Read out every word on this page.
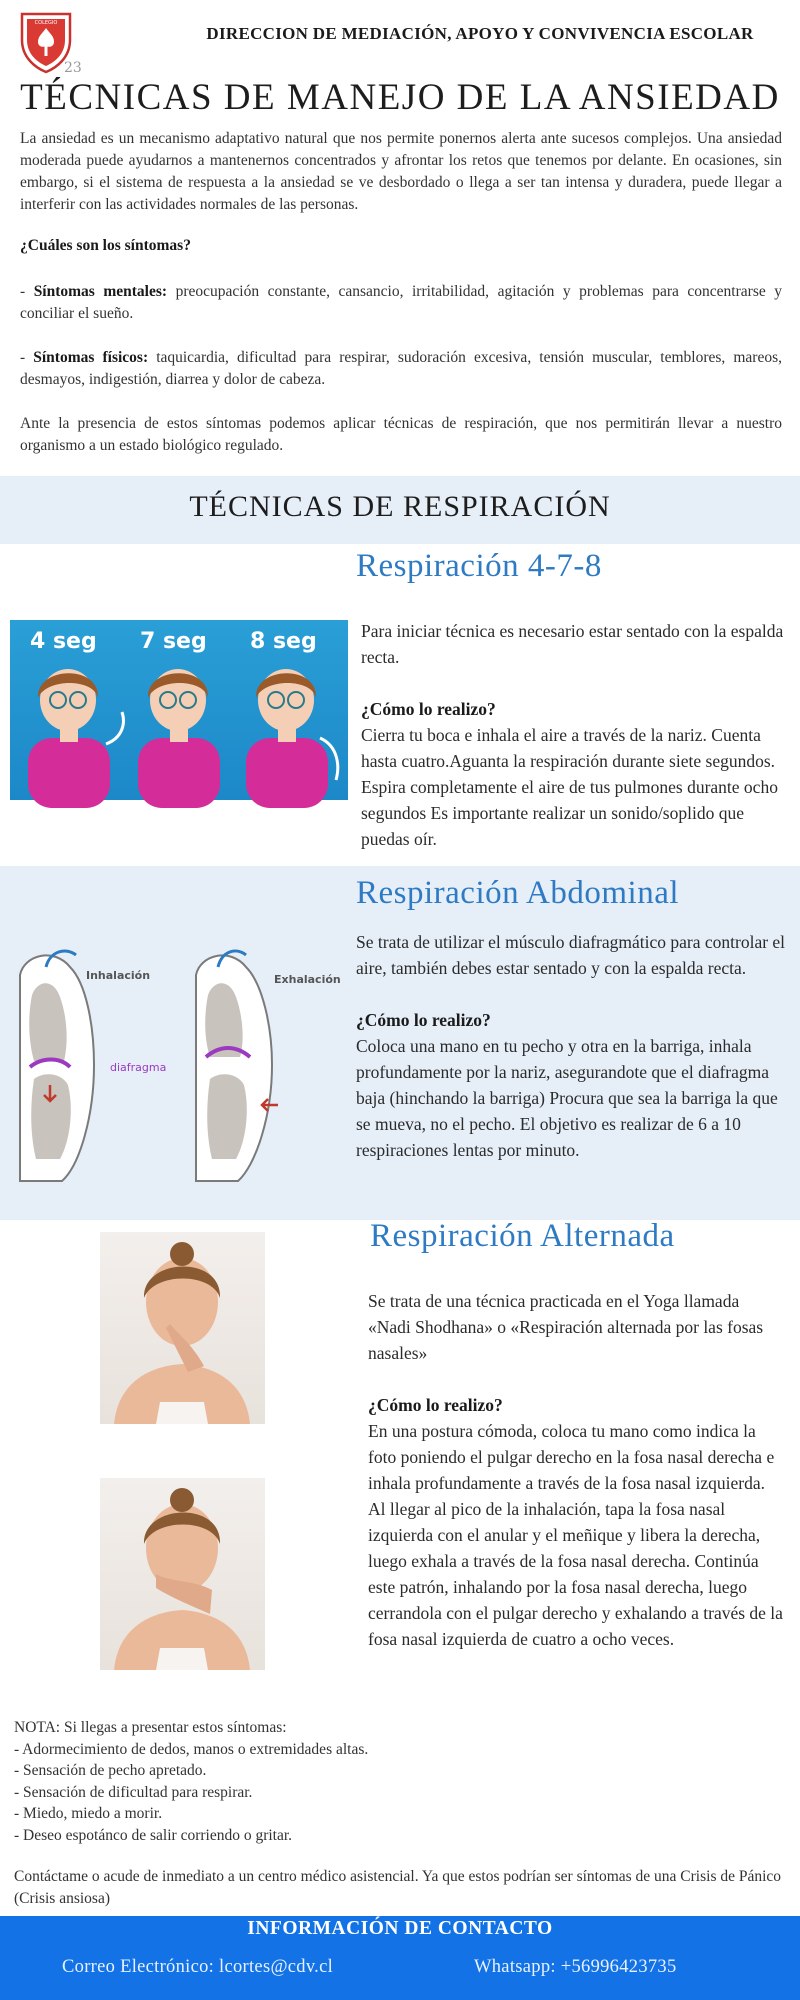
COLEGIO
23
DIRECCION DE MEDIACIÓN, APOYO Y CONVIVENCIA ESCOLAR
TÉCNICAS DE MANEJO DE LA ANSIEDAD
La ansiedad es un mecanismo adaptativo natural que nos permite ponernos alerta ante sucesos complejos. Una ansiedad moderada puede ayudarnos a mantenernos concentrados y afrontar los retos que tenemos por delante. En ocasiones, sin embargo, si el sistema de respuesta a la ansiedad se ve desbordado o llega a ser tan intensa y duradera, puede llegar a interferir con las actividades normales de las personas.
¿Cuáles son los síntomas?
- Síntomas mentales: preocupación constante, cansancio, irritabilidad, agitación y problemas para concentrarse y conciliar el sueño.
- Síntomas físicos: taquicardia, dificultad para respirar, sudoración excesiva, tensión muscular, temblores, mareos, desmayos, indigestión, diarrea y dolor de cabeza.
Ante la presencia de estos síntomas podemos aplicar técnicas de respiración, que nos permitirán llevar a nuestro organismo a un estado biológico regulado.
TÉCNICAS DE RESPIRACIÓN
Respiración 4-7-8
4 seg 7 seg 8 seg	Para iniciar técnica es necesario estar sentado con la espalda recta.
¿Cómo lo realizo?
Cierra tu boca e inhala el aire a través de la nariz. Cuenta hasta cuatro.Aguanta la respiración durante siete segundos. Espira completamente el aire de tus pulmones durante ocho segundos Es importante realizar un sonido/soplido que puedas oír.
Respiración Abdominal
Inhalación	Exhalación
diafragma
Se trata de utilizar el músculo diafragmático para controlar el aire, también debes estar sentado y con la espalda recta.
¿Cómo lo realizo?
Coloca una mano en tu pecho y otra en la barriga, inhala profundamente por la nariz, asegurandote que el diafragma baja (hinchando la barriga) Procura que sea la barriga la que se mueva, no el pecho. El objetivo es realizar de 6 a 10 respiraciones lentas por minuto.
Respiración Alternada
Se trata de una técnica practicada en el Yoga llamada «Nadi Shodhana» o «Respiración alternada por las fosas nasales»
¿Cómo lo realizo?
En una postura cómoda, coloca tu mano como indica la foto poniendo el pulgar derecho en la fosa nasal derecha e inhala profundamente a través de la fosa nasal izquierda. Al llegar al pico de la inhalación, tapa la fosa nasal izquierda con el anular y el meñique y libera la derecha, luego exhala a través de la fosa nasal derecha. Continúa este patrón, inhalando por la fosa nasal derecha, luego cerrandola con el pulgar derecho y exhalando a través de la fosa nasal izquierda de cuatro a ocho veces.
NOTA: Si llegas a presentar estos síntomas:
- Adormecimiento de dedos, manos o extremidades altas.
- Sensación de pecho apretado.
- Sensación de dificultad para respirar.
- Miedo, miedo a morir.
- Deseo espotánco de salir corriendo o gritar.
Contáctame o acude de inmediato a un centro médico asistencial. Ya que estos podrían ser síntomas de una Crisis de Pánico (Crisis ansiosa)
INFORMACIÓN DE CONTACTO
Correo Electrónico: lcortes@cdv.cl	Whatsapp: +56996423735
